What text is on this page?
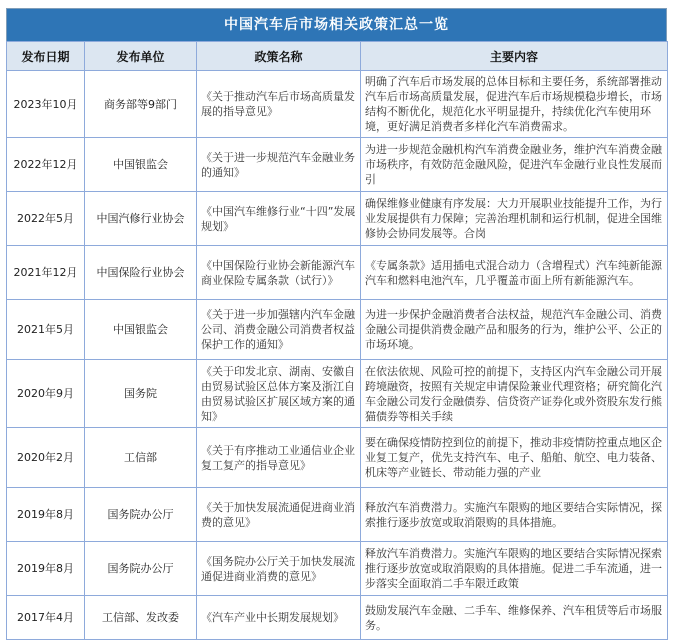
中国汽车后市场相关政策汇总一览
发布日期	发布单位	政策名称	主要内容
2023年10月	商务部等9部门	《关于推动汽车后市场高质量发展的指导意见》	明确了汽车后市场发展的总体目标和主要任务，系统部署推动汽车后市场高质量发展，促进汽车后市场规模稳步增长，市场结构不断优化，规范化水平明显提升，持续优化汽车使用环境，更好满足消费者多样化汽车消费需求。
2022年12月	中国银监会	《关于进一步规范汽车金融业务的通知》	为进一步规范金融机构汽车消费金融业务，维护汽车消费金融市场秩序，有效防范金融风险，促进汽车金融行业良性发展而引
2022年5月	中国汽修行业协会	《中国汽车维修行业“十四”发展规划》	确保维修业健康有序发展：大力开展职业技能提升工作，为行业发展提供有力保障；完善治理机制和运行机制，促进全国维修协会协同发展等。合岗
2021年12月	中国保险行业协会	《中国保险行业协会新能源汽车商业保险专属条款（试行）》	《专属条款》适用插电式混合动力（含增程式）汽车纯新能源汽车和燃料电池汽车，几乎覆盖市面上所有新能源汽车。
2021年5月	中国银监会	《关于进一步加强辖内汽车金融公司、消费金融公司消费者权益保护工作的通知》	为进一步保护金融消费者合法权益，规范汽车金融公司、消费金融公司提供消费金融产品和服务的行为，维护公平、公正的市场环境。
2020年9月	国务院	《关于印发北京、湖南、安徽自由贸易试验区总体方案及浙江自由贸易试验区扩展区域方案的通知》	在依法依规、风险可控的前提下，支持区内汽车金融公司开展跨境融资，按照有关规定申请保险兼业代理资格；研究简化汽车金融公司发行金融债券、信贷资产证券化或外资股东发行熊猫债券等相关手续
2020年2月	工信部	《关于有序推动工业通信业企业复工复产的指导意见》	要在确保疫情防控到位的前提下，推动非疫情防控重点地区企业复工复产，优先支持汽车、电子、船舶、航空、电力装备、机床等产业链长、带动能力强的产业
2019年8月	国务院办公厅	《关于加快发展流通促进商业消费的意见》	释放汽车消费潜力。实施汽车限购的地区要结合实际情况，探索推行逐步放宽或取消限购的具体措施。
2019年8月	国务院办公厅	《国务院办公厅关于加快发展流通促进商业消费的意见》	释放汽车消费潜力。实施汽车限购的地区要结合实际情况探索推行逐步放宽或取消限购的具体措施。促进二手车流通，进一步落实全面取消二手车限迁政策
2017年4月	工信部、发改委	《汽车产业中长期发展规划》	鼓励发展汽车金融、二手车、维修保养、汽车租赁等后市场服务。
